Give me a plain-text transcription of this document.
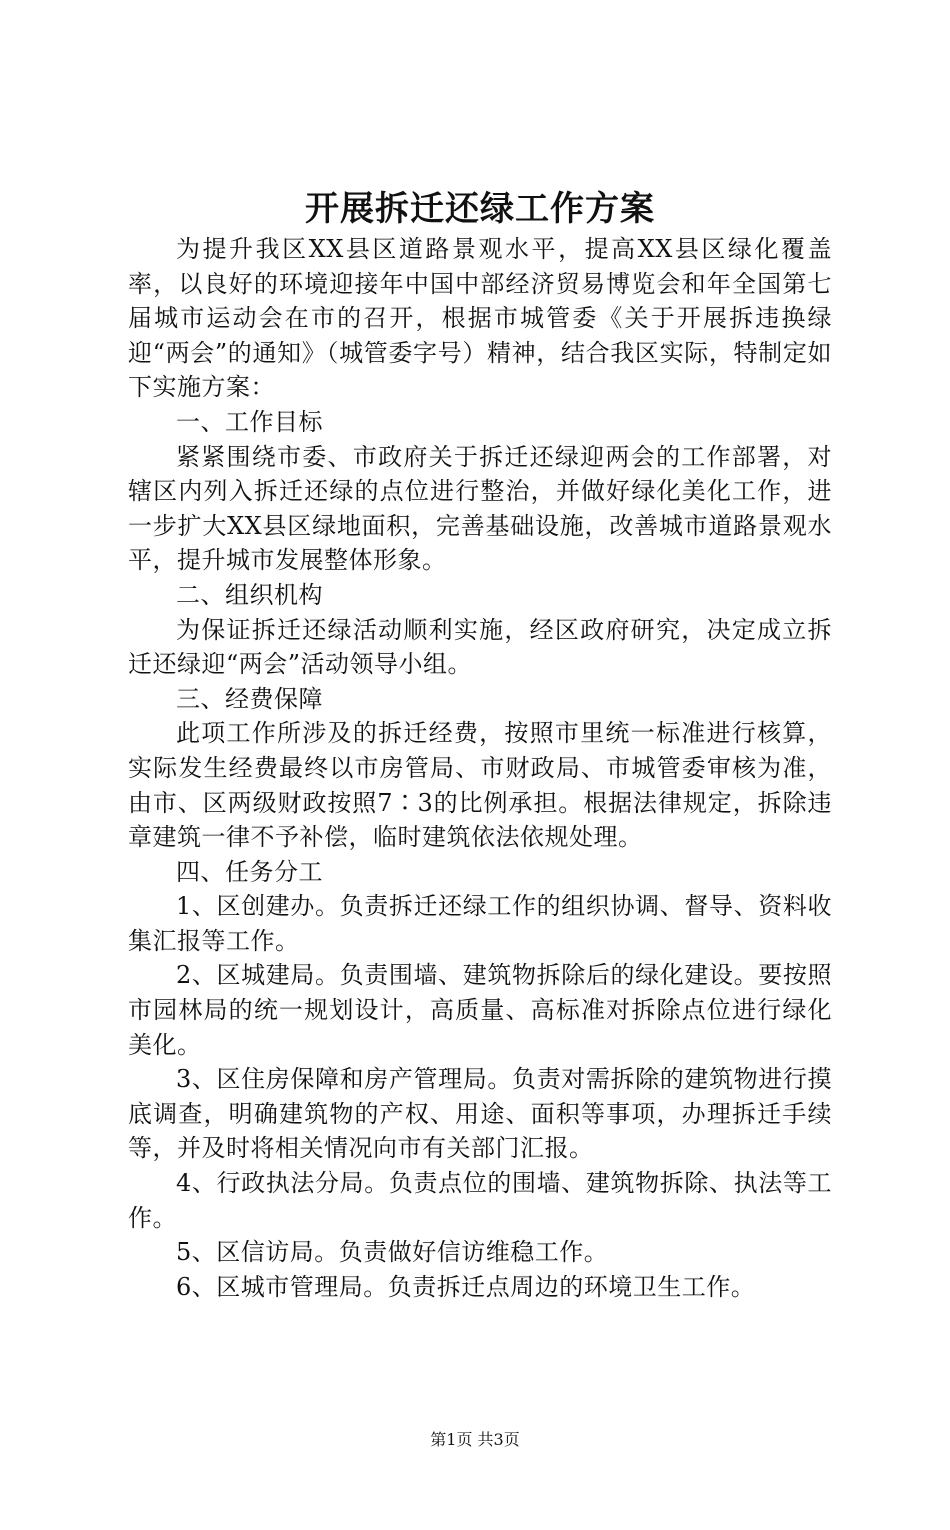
开展拆迁还绿工作方案

为提升我区XX县区道路景观水平，提高XX县区绿化覆盖率，以良好的环境迎接年中国中部经济贸易博览会和年全国第七届城市运动会在市的召开，根据市城管委《关于开展拆违换绿迎“两会”的通知》（城管委字号）精神，结合我区实际，特制定如下实施方案：

一、工作目标

紧紧围绕市委、市政府关于拆迁还绿迎两会的工作部署，对辖区内列入拆迁还绿的点位进行整治，并做好绿化美化工作，进一步扩大XX县区绿地面积，完善基础设施，改善城市道路景观水平，提升城市发展整体形象。

二、组织机构

为保证拆迁还绿活动顺利实施，经区政府研究，决定成立拆迁还绿迎“两会”活动领导小组。

三、经费保障

此项工作所涉及的拆迁经费，按照市里统一标准进行核算，实际发生经费最终以市房管局、市财政局、市城管委审核为准，由市、区两级财政按照7∶3的比例承担。根据法律规定，拆除违章建筑一律不予补偿，临时建筑依法依规处理。

四、任务分工

1、区创建办。负责拆迁还绿工作的组织协调、督导、资料收集汇报等工作。

2、区城建局。负责围墙、建筑物拆除后的绿化建设。要按照市园林局的统一规划设计，高质量、高标准对拆除点位进行绿化美化。

3、区住房保障和房产管理局。负责对需拆除的建筑物进行摸底调查，明确建筑物的产权、用途、面积等事项，办理拆迁手续等，并及时将相关情况向市有关部门汇报。

4、行政执法分局。负责点位的围墙、建筑物拆除、执法等工作。

5、区信访局。负责做好信访维稳工作。

6、区城市管理局。负责拆迁点周边的环境卫生工作。

第1页 共3页
